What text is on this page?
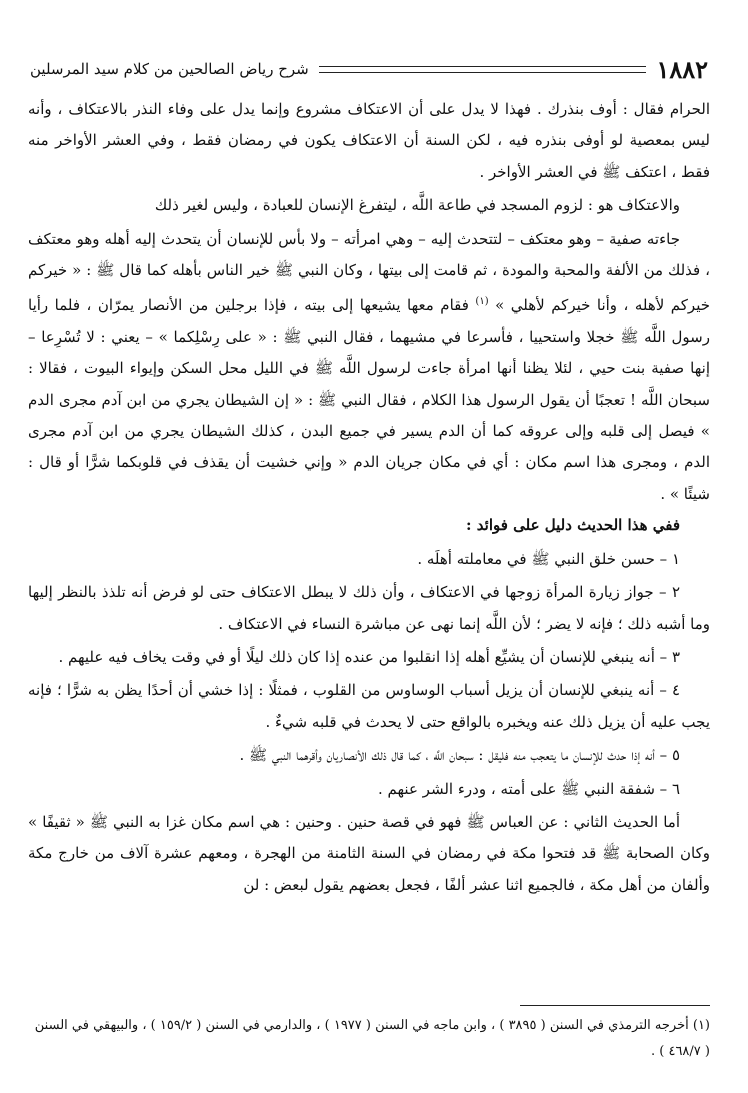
١٨٨٢
شرح رياض الصالحين من كلام سيد المرسلين

الحرام فقال : أوف بنذرك . فهذا لا يدل على أن الاعتكاف مشروع وإنما يدل على وفاء النذر بالاعتكاف ، وأنه ليس بمعصية لو أوفى بنذره فيه ، لكن السنة أن الاعتكاف يكون في رمضان فقط ، وفي العشر الأواخر منه فقط ، اعتكف ﷺ في العشر الأواخر .

والاعتكاف هو : لزوم المسجد في طاعة اللَّه ، ليتفرغ الإنسان للعبادة ، وليس لغير ذلك

جاءته صفية – وهو معتكف – لتتحدث إليه – وهي امرأته – ولا بأس للإنسان أن يتحدث إليه أهله وهو معتكف ، فذلك من الألفة والمحبة والمودة ، ثم قامت إلى بيتها ، وكان النبي ﷺ خير الناس بأهله كما قال ﷺ : « خيركم خيركم لأهله ، وأنا خيركم لأهلي » $^{(١)}$ فقام معها يشيعها إلى بيته ، فإذا برجلين من الأنصار يمرّان ، فلما رأيا رسول اللَّه ﷺ خجلا واستحييا ، فأسرعا في مشيهما ، فقال النبي ﷺ : « على رِسْلِكما » – يعني : لا تُسْرِعا – إنها صفية بنت حيي ، لئلا يظنا أنها امرأة جاءت لرسول اللَّه ﷺ في الليل محل السكن وإيواء البيوت ، فقالا : سبحان اللَّه ! تعجبًا أن يقول الرسول هذا الكلام ، فقال النبي ﷺ : « إن الشيطان يجري من ابن آدم مجرى الدم » فيصل إلى قلبه وإلى عروقه كما أن الدم يسير في جميع البدن ، كذلك الشيطان يجري من ابن آدم مجرى الدم ، ومجرى هذا اسم مكان : أي في مكان جريان الدم « وإني خشيت أن يقذف في قلوبكما شرًّا أو قال : شيئًا » .

ففي هذا الحديث دليل على فوائد :

١ – حسن خلق النبي ﷺ في معاملته أهلَه .

٢ – جواز زيارة المرأة زوجها في الاعتكاف ، وأن ذلك لا يبطل الاعتكاف حتى لو فرض أنه تلذذ بالنظر إليها وما أشبه ذلك ؛ فإنه لا يضر ؛ لأن اللَّه إنما نهى عن مباشرة النساء في الاعتكاف .

٣ – أنه ينبغي للإنسان أن يشيِّع أهله إذا انقلبوا من عنده إذا كان ذلك ليلًا أو في وقت يخاف فيه عليهم .

٤ – أنه ينبغي للإنسان أن يزيل أسباب الوساوس من القلوب ، فمثلًا : إذا خشي أن أحدًا يظن به شرًّا ؛ فإنه يجب عليه أن يزيل ذلك عنه ويخبره بالواقع حتى لا يحدث في قلبه شيءٌ .

٥ – أنه إذا حدث للإنسان ما يتعجب منه فليقل : سبحان اللَّه ، كما قال ذلك الأنصاريان وأقرهما النبي ﷺ .

٦ – شفقة النبي ﷺ على أمته ، ودرء الشر عنهم .

أما الحديث الثاني : عن العباس ﷺ فهو في قصة حنين . وحنين : هي اسم مكان غزا به النبي ﷺ « ثقيفًا » وكان الصحابة ﷺ قد فتحوا مكة في رمضان في السنة الثامنة من الهجرة ، ومعهم عشرة آلاف من خارج مكة وألفان من أهل مكة ، فالجميع اثنا عشر ألفًا ، فجعل بعضهم يقول لبعض : لن

(١) أخرجه الترمذي في السنن ( ٣٨٩٥ ) ، وابن ماجه في السنن ( ١٩٧٧ ) ، والدارمي في السنن ( ١٥٩/٢ ) ، والبيهقي في السنن ( ٤٦٨/٧ ) .
